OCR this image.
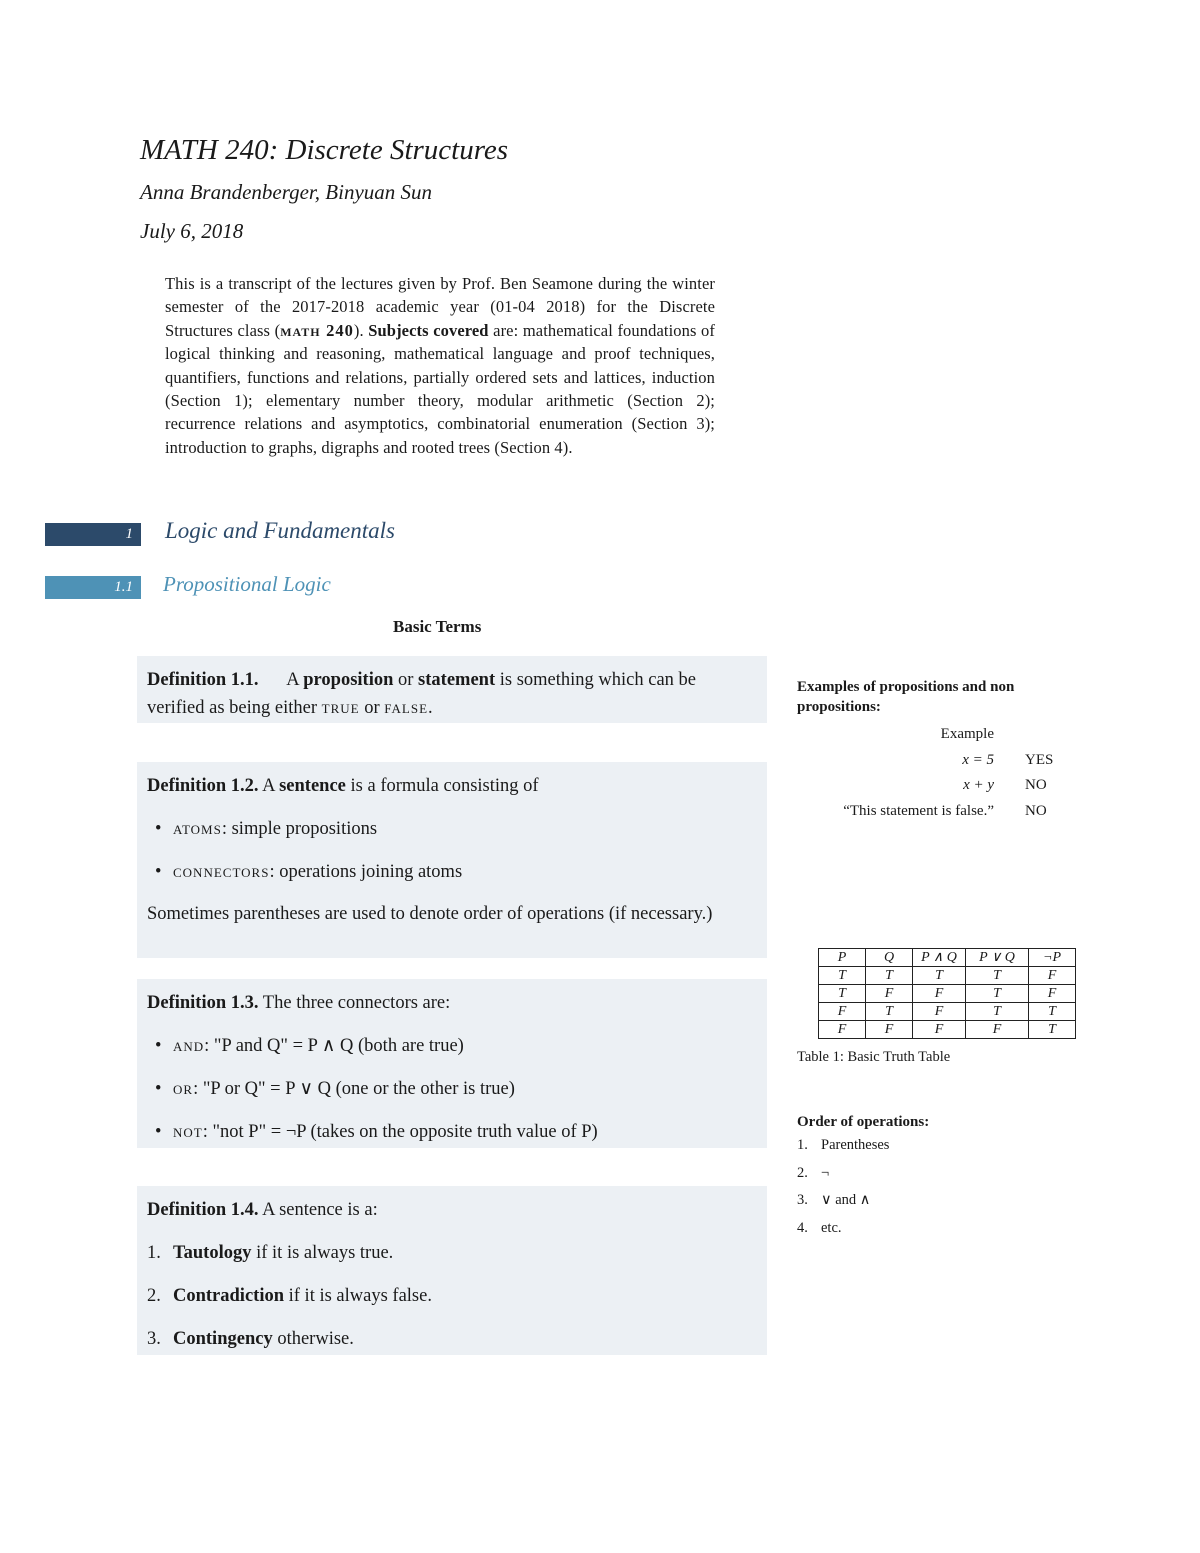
MATH 240: Discrete Structures
Anna Brandenberger, Binyuan Sun
July 6, 2018
This is a transcript of the lectures given by Prof. Ben Seamone during the winter semester of the 2017-2018 academic year (01-04 2018) for the Discrete Structures class (math 240). Subjects covered are: mathematical foundations of logical thinking and reasoning, mathematical language and proof techniques, quantifiers, functions and relations, partially ordered sets and lattices, induction (Section 1); elementary number theory, modular arithmetic (Section 2); recurrence relations and asymptotics, combinatorial enumeration (Section 3); introduction to graphs, digraphs and rooted trees (Section 4).
1	Logic and Fundamentals
1.1	Propositional Logic
Basic Terms
Definition 1.1. A proposition or statement is something which can be verified as being either true or false.
Definition 1.2. A sentence is a formula consisting of
• atoms: simple propositions
• connectors: operations joining atoms

Sometimes parentheses are used to denote order of operations (if necessary.)

Definition 1.3. The three connectors are:
• and: "P and Q" = P ∧ Q (both are true)
• or: "P or Q" = P ∨ Q (one or the other is true)
• not: "not P" = ¬P (takes on the opposite truth value of P)
Definition 1.4. A sentence is a:
1. Tautology if it is always true.
2. Contradiction if it is always false.
3. Contingency otherwise.
Examples of propositions and non propositions:
Example
x = 5 YES
x + y NO
“This statement is false.” NO
P	Q	P ∧ Q	P ∨ Q	¬P
T	T	T	T	F
T	F	F	T	F
F	T	F	T	T
F	F	F	F	T
Table 1: Basic Truth Table
Order of operations:
1. Parentheses
2. ¬
3. ∨ and ∧
4. etc.
